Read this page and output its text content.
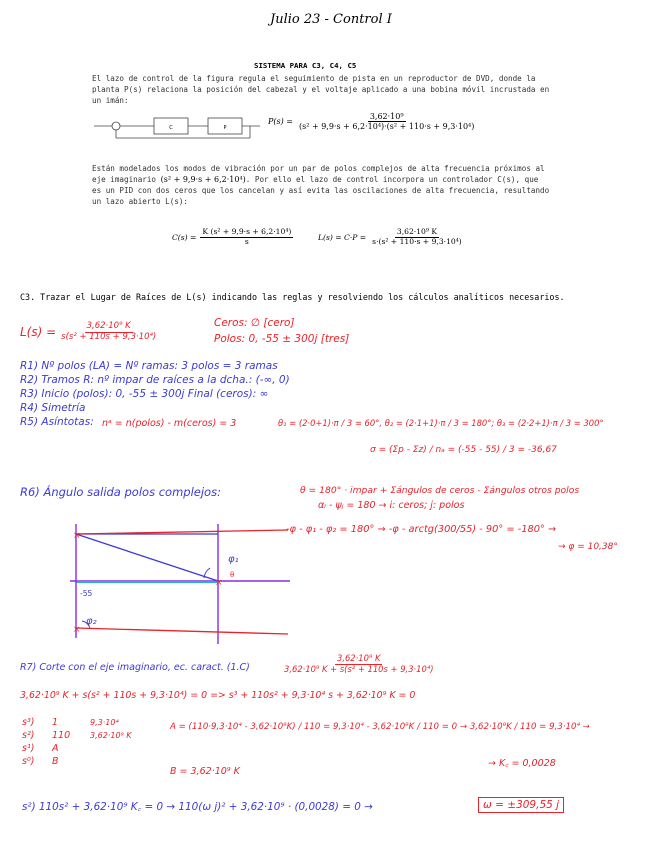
Julio 23 - Control I
SISTEMA PARA C3, C4, C5
El lazo de control de la figura regula el seguimiento de pista en un reproductor de DVD, donde la planta P(s) relaciona la posición del cabezal y el voltaje aplicado a una bobina móvil incrustada en un imán:
C	P
$P(s) = \frac{\text{3,62·10⁹}}{\text{(s² + 9,9·s + 6,2·10⁴)·(s² + 110·s + 9,3·10⁴)}}$
Están modelados los modos de vibración por un par de polos complejos de alta frecuencia próximos al eje imaginario (s² + 9,9·s + 6,2·10⁴). Por ello el lazo de control incorpora un controlador C(s), que es un PID con dos ceros que los cancelan y así evita las oscilaciones de alta frecuencia, resultando un lazo abierto L(s):
$C(s) = \frac{\text{K (s² + 9,9·s + 6,2·10⁴)}}{s}$	$L(s) = C\cdot P = \frac{\text{3,62·10⁹ K}}{\text{s·(s² + 110·s + 9,3·10⁴)}}$
C3. Trazar el Lugar de Raíces de L(s) indicando las reglas y resolviendo los cálculos analíticos necesarios.
$L(s) = \frac{\text{3,62·10⁹ K}}{\text{s(s² + 110s + 9,3·10⁴)}}$	Ceros: ∅ [cero]
Polos: 0, -55 ± 300j [tres]
R1) Nº polos (LA) = Nº ramas: 3 polos = 3 ramas
R2) Tramos R: nº impar de raíces a la dcha.: (-∞, 0)
R3) Inicio (polos): 0, -55 ± 300j Final (ceros): ∞
R4) Simetría
R5) Asíntotas: nᵃ = n(polos) - m(ceros) = 3	θ₁ = (2·0+1)·π / 3 = 60°, θ₂ = (2·1+1)·π / 3 = 180°; θ₃ = (2·2+1)·π / 3 = 300°
σ = (Σp - Σz) / nₐ = (-55 - 55) / 3 = -36,67
R6) Ángulo salida polos complejos:	θ = 180° · impar + Σángulos de ceros - Σángulos otros polos
αᵢ - ψⱼ = 180 → i: ceros; j: polos
×
×
×
-55
φ₁
θ
φ₂
-φ - φ₁ - φ₂ = 180° → -φ - arctg(300/55) - 90° = -180° →
→ φ = 10,38°
R7) Corte con el eje imaginario, ec. caract. (1.C)	$\frac{\text{3,62·10⁹ K}}{\text{3,62·10⁹ K + s(s² + 110s + 9,3·10⁴)}}$
3,62·10⁹ K + s(s² + 110s + 9,3·10⁴) = 0 => s³ + 110s² + 9,3·10⁴ s + 3,62·10⁹ K = 0
s³)	1	9,3·10⁴
s²)	110	3,62·10⁹ K
s¹)	A
s⁰)	B
A = (110·9,3·10⁴ - 3,62·10⁹K) / 110 = 9,3·10⁴ - 3,62·10⁹K / 110 = 0 → 3,62·10⁹K / 110 = 9,3·10⁴ →
→ K꜀ = 0,0028
B = 3,62·10⁹ K
s²) 110s² + 3,62·10⁹ K꜀ = 0 → 110(ω j)² + 3,62·10⁹ · (0,0028) = 0 →	ω = ±309,55 j
